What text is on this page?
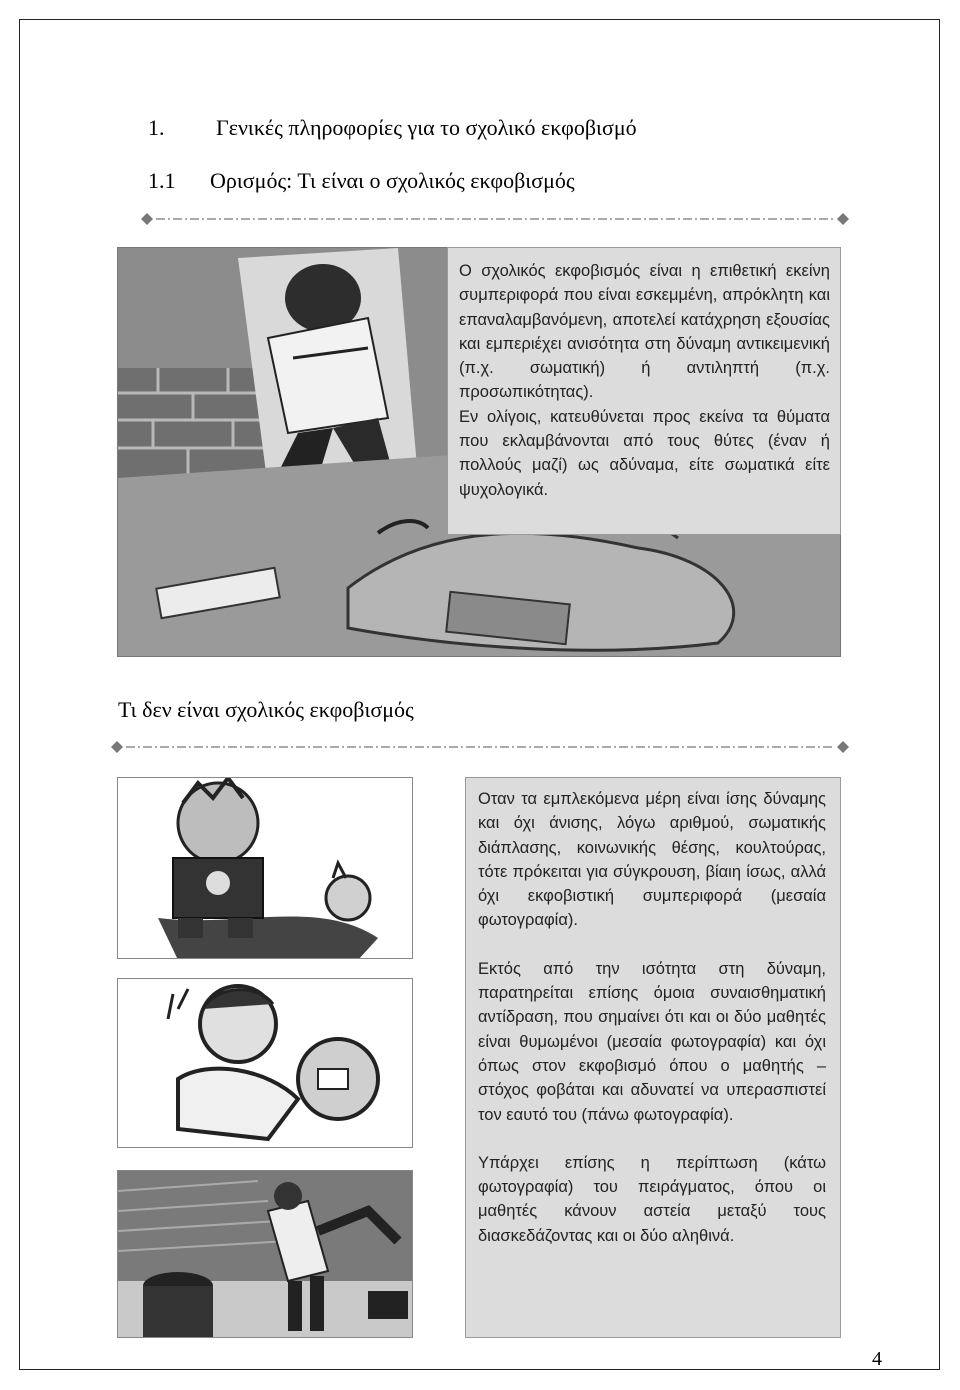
1. Γενικές πληροφορίες για το σχολικό εκφοβισμό
1.1 Ορισμός: Τι είναι ο σχολικός εκφοβισμός

Ο σχολικός εκφοβισμός είναι η επιθετική εκείνη συμπεριφορά που είναι εσκεμμένη, απρόκλητη και επαναλαμβανόμενη, αποτελεί κατάχρηση εξουσίας και εμπεριέχει ανισότητα στη δύναμη αντικειμενική (π.χ. σωματική) ή αντιληπτή (π.χ. προσωπικότητας).

Εν ολίγοις, κατευθύνεται προς εκείνα τα θύματα που εκλαμβάνονται από τους θύτες (έναν ή πολλούς μαζί) ως αδύναμα, είτε σωματικά είτε ψυχολογικά.

Τι δεν είναι σχολικός εκφοβισμός

Οταν τα εμπλεκόμενα μέρη είναι ίσης δύναμης και όχι άνισης, λόγω αριθμού, σωματικής διάπλασης, κοινωνικής θέσης, κουλτούρας, τότε πρόκειται για σύγκρουση, βίαιη ίσως, αλλά όχι εκφοβιστική συμπεριφορά (μεσαία φωτογραφία).

Εκτός από την ισότητα στη δύναμη, παρατηρείται επίσης όμοια συναισθηματική αντίδραση, που σημαίνει ότι και οι δύο μαθητές είναι θυμωμένοι (μεσαία φωτογραφία) και όχι όπως στον εκφοβισμό όπου ο μαθητής – στόχος φοβάται και αδυνατεί να υπερασπιστεί τον εαυτό του (πάνω φωτογραφία).

Υπάρχει επίσης η περίπτωση (κάτω φωτογραφία) του πειράγματος, όπου οι μαθητές κάνουν αστεία μεταξύ τους διασκεδάζοντας και οι δύο αληθινά.

4
